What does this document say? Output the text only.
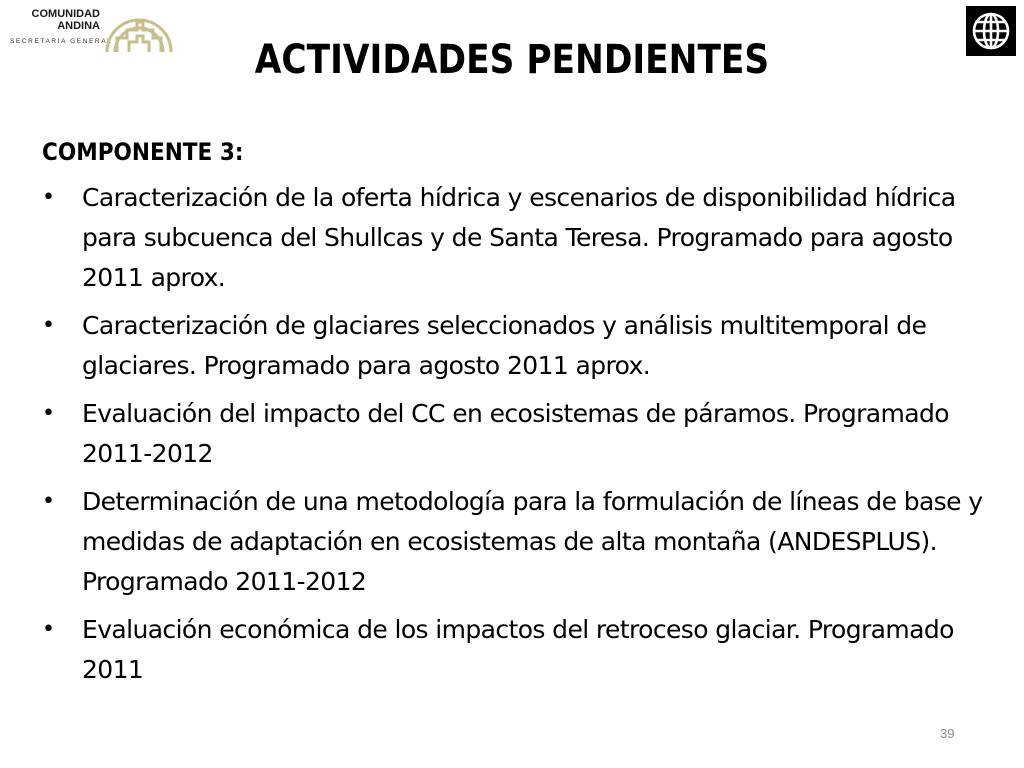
COMUNIDAD
ANDINA
SECRETARIA GENERAL	ACTIVIDADES PENDIENTES
COMPONENTE 3:
• Caracterización de la oferta hídrica y escenarios de disponibilidad hídrica para subcuenca del Shullcas y de Santa Teresa. Programado para agosto 2011 aprox.
• Caracterización de glaciares seleccionados y análisis multitemporal de glaciares. Programado para agosto 2011 aprox.
• Evaluación del impacto del CC en ecosistemas de páramos. Programado 2011-2012
• Determinación de una metodología para la formulación de líneas de base y medidas de adaptación en ecosistemas de alta montaña (ANDESPLUS). Programado 2011-2012
• Evaluación económica de los impactos del retroceso glaciar. Programado 2011
39
